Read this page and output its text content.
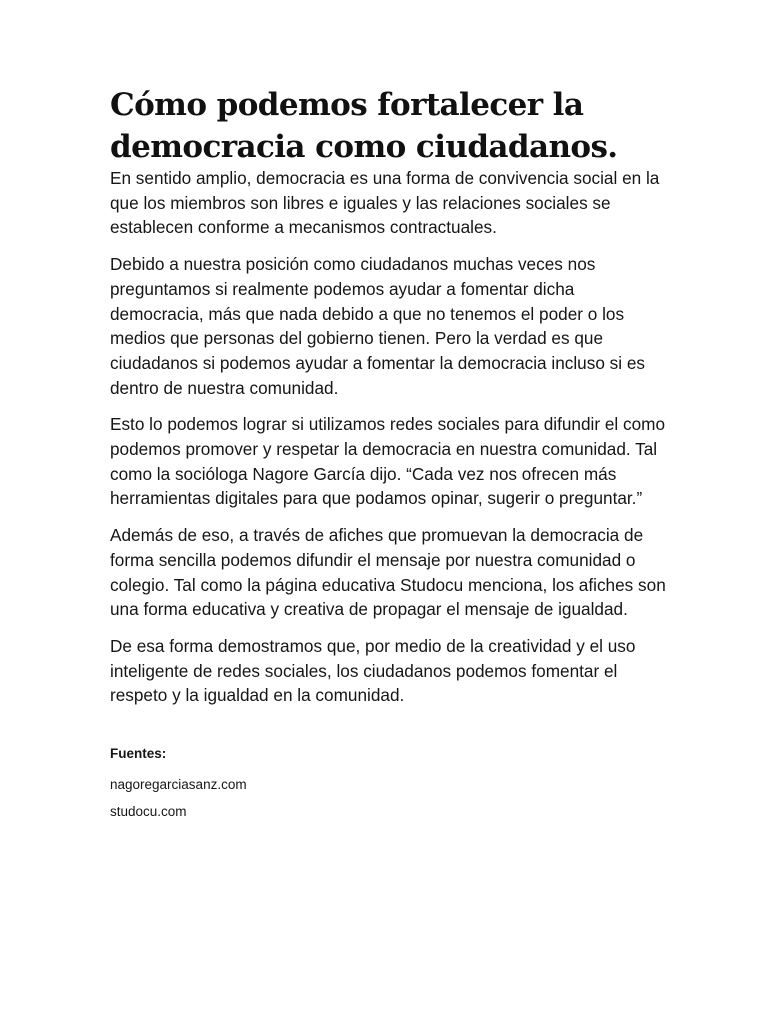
Cómo podemos fortalecer la democracia como ciudadanos.

En sentido amplio, democracia es una forma de convivencia social en la que los miembros son libres e iguales y las relaciones sociales se establecen conforme a mecanismos contractuales.

Debido a nuestra posición como ciudadanos muchas veces nos preguntamos si realmente podemos ayudar a fomentar dicha democracia, más que nada debido a que no tenemos el poder o los medios que personas del gobierno tienen. Pero la verdad es que ciudadanos si podemos ayudar a fomentar la democracia incluso si es dentro de nuestra comunidad.

Esto lo podemos lograr si utilizamos redes sociales para difundir el como podemos promover y respetar la democracia en nuestra comunidad. Tal como la socióloga Nagore García dijo. “Cada vez nos ofrecen más herramientas digitales para que podamos opinar, sugerir o preguntar.”

Además de eso, a través de afiches que promuevan la democracia de forma sencilla podemos difundir el mensaje por nuestra comunidad o colegio. Tal como la página educativa Studocu menciona, los afiches son una forma educativa y creativa de propagar el mensaje de igualdad.

De esa forma demostramos que, por medio de la creatividad y el uso inteligente de redes sociales, los ciudadanos podemos fomentar el respeto y la igualdad en la comunidad.

Fuentes:
nagoregarciasanz.com
studocu.com
